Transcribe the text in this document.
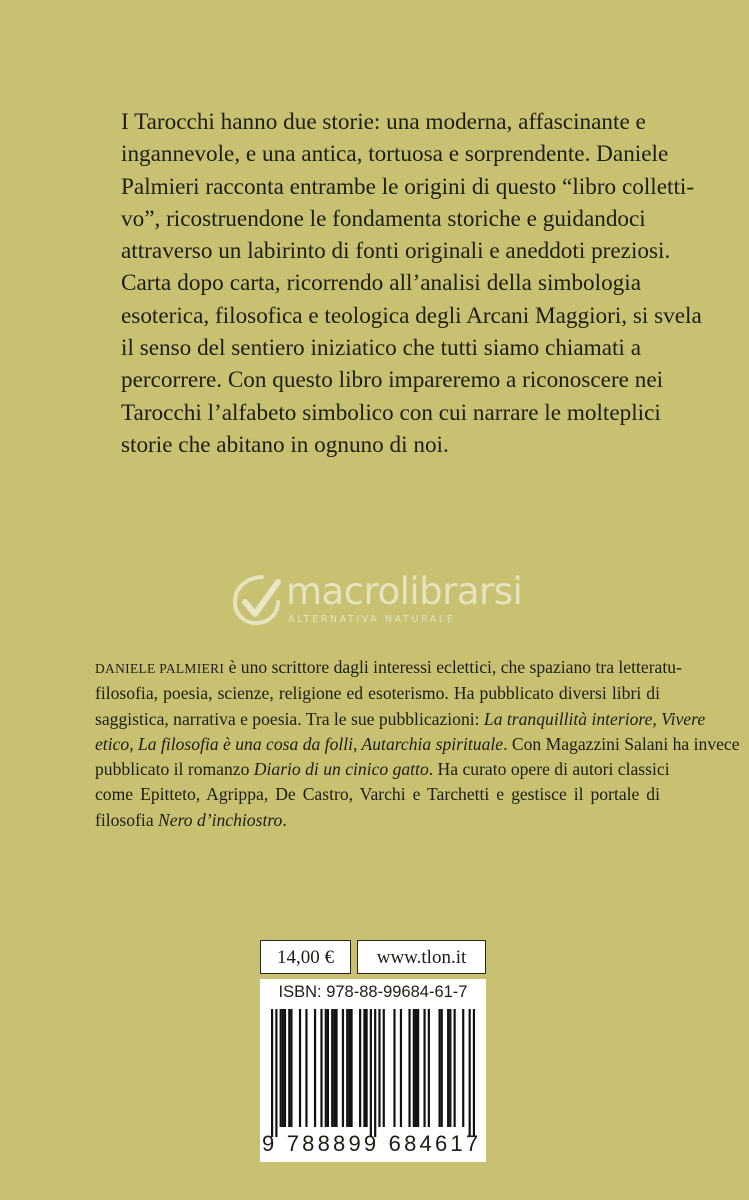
I Tarocchi hanno due storie: una moderna, affascinante e
ingannevole, e una antica, tortuosa e sorprendente. Daniele
Palmieri racconta entrambe le origini di questo “libro colletti-
vo”, ricostruendone le fondamenta storiche e guidandoci
attraverso un labirinto di fonti originali e aneddoti preziosi.
Carta dopo carta, ricorrendo all’analisi della simbologia
esoterica, filosofica e teologica degli Arcani Maggiori, si svela
il senso del sentiero iniziatico che tutti siamo chiamati a
percorrere. Con questo libro impareremo a riconoscere nei
Tarocchi l’alfabeto simbolico con cui narrare le molteplici
storie che abitano in ognuno di noi.
macrolibrarsi
ALTERNATIVA NATURALE
DANIELE PALMIERI è uno scrittore dagli interessi eclettici, che spaziano tra letteratu-
filosofia, poesia, scienze, religione ed esoterismo. Ha pubblicato diversi libri di
saggistica, narrativa e poesia. Tra le sue pubblicazioni: La tranquillità interiore, Vivere
etico, La filosofia è una cosa da folli, Autarchia spirituale. Con Magazzini Salani ha invece
pubblicato il romanzo Diario di un cinico gatto. Ha curato opere di autori classici
come Epitteto, Agrippa, De Castro, Varchi e Tarchetti e gestisce il portale di
filosofia Nero d’inchiostro.
14,00 €	www.tlon.it
ISBN: 978-88-99684-61-7
9 788899 684617
